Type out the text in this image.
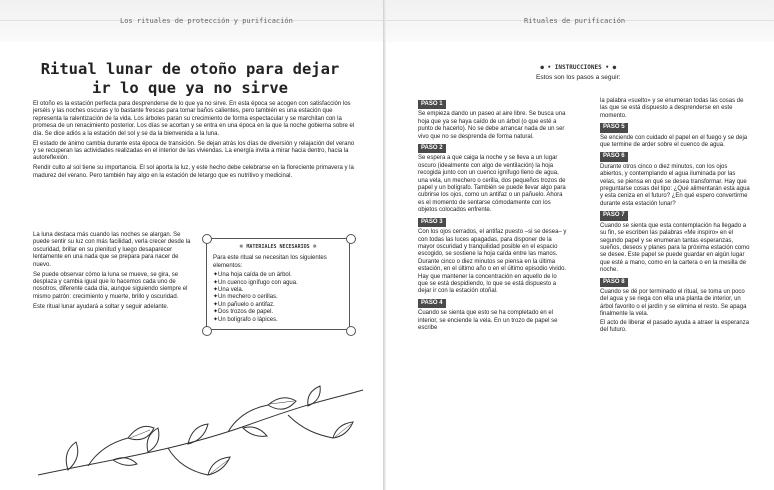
Los rituales de protección y purificación
Ritual lunar de otoño para dejar ir lo que ya no sirve

El otoño es la estación perfecta para desprenderse de lo que ya no sirve. En esta época se acogen con satisfacción los jerséis y las noches oscuras y lo bastante frescas para tomar baños calientes, pero también es una estación que representa la ralentización de la vida. Los árboles paran su crecimiento de forma espectacular y se marchitan con la promesa de un renacimiento posterior. Los días se acortan y se entra en una época en la que la noche gobierna sobre el día. Se dice adiós a la estación del sol y se da la bienvenida a la luna.

El estado de ánimo cambia durante esta época de transición. Se dejan atrás los días de diversión y relajación del verano y se recuperan las actividades realizadas en el interior de las viviendas. La energía invita a mirar hacia dentro, hacia la autoreflexión.

Rendir culto al sol tiene su importancia. El sol aporta la luz, y este hecho debe celebrarse en la floreciente primavera y la madurez del verano. Pero también hay algo en la estación de letargo que es nutritivo y medicinal.

La luna destaca más cuando las noches se alargan. Se puede sentir su luz con más facilidad, verla crecer desde la oscuridad, brillar en su plenitud y luego desaparecer lentamente en una nada que se prepara para nacer de nuevo.

Se puede observar cómo la luna se mueve, se gira, se desplaza y cambia igual que lo hacemos cada uno de nosotros, diferente cada día, aunque siguiendo siempre el mismo patrón: crecimiento y muerte, brillo y oscuridad.

Este ritual lunar ayudará a soltar y seguir adelante.

✵ MATERIALES NECESARIOS ✵
Para este ritual se necesitan los siguientes elementos:
✦ Una hoja caída de un árbol.
✦ Un cuenco ignífugo con agua.
✦ Una vela.
✦ Un mechero o cerillas.
✦ Un pañuelo o antifaz.
✦ Dos trozos de papel.
✦ Un bolígrafo o lápices.
Rituales de purificación
● • INSTRUCCIONES • ●
Estos son los pasos a seguir:
PASO 1

Se empieza dando un paseo al aire libre. Se busca una hoja que ya se haya caído de un árbol (o que esté a punto de hacerlo). No se debe arrancar nada de un ser vivo que no se desprenda de forma natural.

PASO 2

Se espera a que caiga la noche y se lleva a un lugar oscuro (idealmente con algo de ventilación) la hoja recogida junto con un cuenco ignífugo lleno de agua, una vela, un mechero o cerilla, dos pequeños trozos de papel y un bolígrafo. También se puede llevar algo para cubrirse los ojos, como un antifaz o un pañuelo. Ahora es el momento de sentarse cómodamente con los objetos colocados enfrente.

PASO 3

Con los ojos cerrados, el antifaz puesto –si se desea– y con todas las luces apagadas, para disponer de la mayor oscuridad y tranquilidad posible en el espacio escogido, se sostiene la hoja caída entre las manos. Durante cinco o diez minutos se piensa en la última estación, en el último año o en el último episodio vivido. Hay que mantener la concentración en aquello de lo que se está despidiendo, lo que se está dispuesto a dejar ir con la estación otoñal.

PASO 4

Cuando se sienta que esto se ha completado en el interior, se enciende la vela. En un trozo de papel se escribe

la palabra «suelto» y se enumeran todas las cosas de las que se está dispuesto a desprenderse en este momento.

PASO 5

Se enciende con cuidado el papel en el fuego y se deja que termine de arder sobre el cuenco de agua.

PASO 6

Durante otros cinco o diez minutos, con los ojos abiertos, y contemplando el agua iluminada por las velas, se piensa en qué se desea transformar. Hay que preguntarse cosas del tipo: ¿Qué alimentarán esta agua y esta ceniza en el futuro? ¿En qué espero convertirme durante esta estación lunar?

PASO 7

Cuando se sienta que esta contemplación ha llegado a su fin, se escriben las palabras «Me inspiro» en el segundo papel y se enumeran tantas esperanzas, sueños, deseos y planes para la próxima estación como se desee. Este papel se puede guardar en algún lugar que esté a mano, como en la cartera o en la mesilla de noche.

PASO 8

Cuando se dé por terminado el ritual, se toma un poco del agua y se riega con ella una planta de interior, un árbol favorito o el jardín y se elimina el resto. Se apaga finalmente la vela.

El acto de liberar el pasado ayuda a atraer la esperanza del futuro.
